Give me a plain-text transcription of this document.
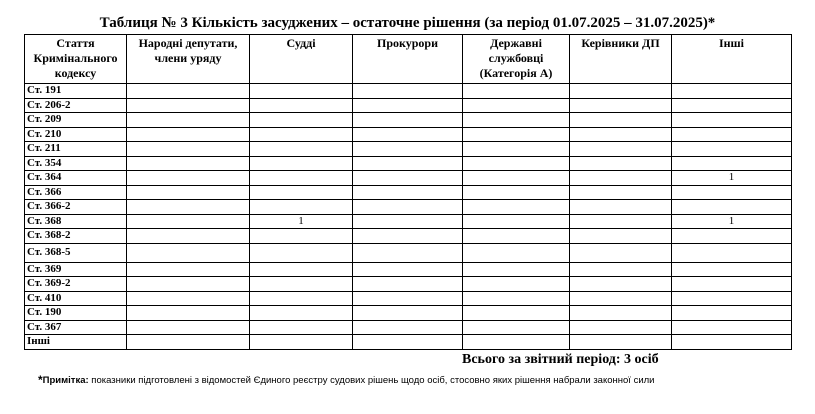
Таблиця № 3 Кількість засуджених – остаточне рішення (за період 01.07.2025 – 31.07.2025)*
Стаття Кримінального кодексу	Народні депутати, члени уряду	Судді	Прокурори	Державні службовці (Категорія А)	Керівники ДП	Інші
Ст. 191						
Ст. 206-2						
Ст. 209						
Ст. 210						
Ст. 211						
Ст. 354						
Ст. 364						1
Ст. 366						
Ст. 366-2						
Ст. 368		1				1
Ст. 368-2						
Ст. 368-5						
Ст. 369						
Ст. 369-2						
Ст. 410						
Ст. 190						
Ст. 367						
Інші						
Всього за звітний період: 3 осіб
*Примітка: показники підготовлені з відомостей Єдиного реєстру судових рішень щодо осіб, стосовно яких рішення набрали законної сили
